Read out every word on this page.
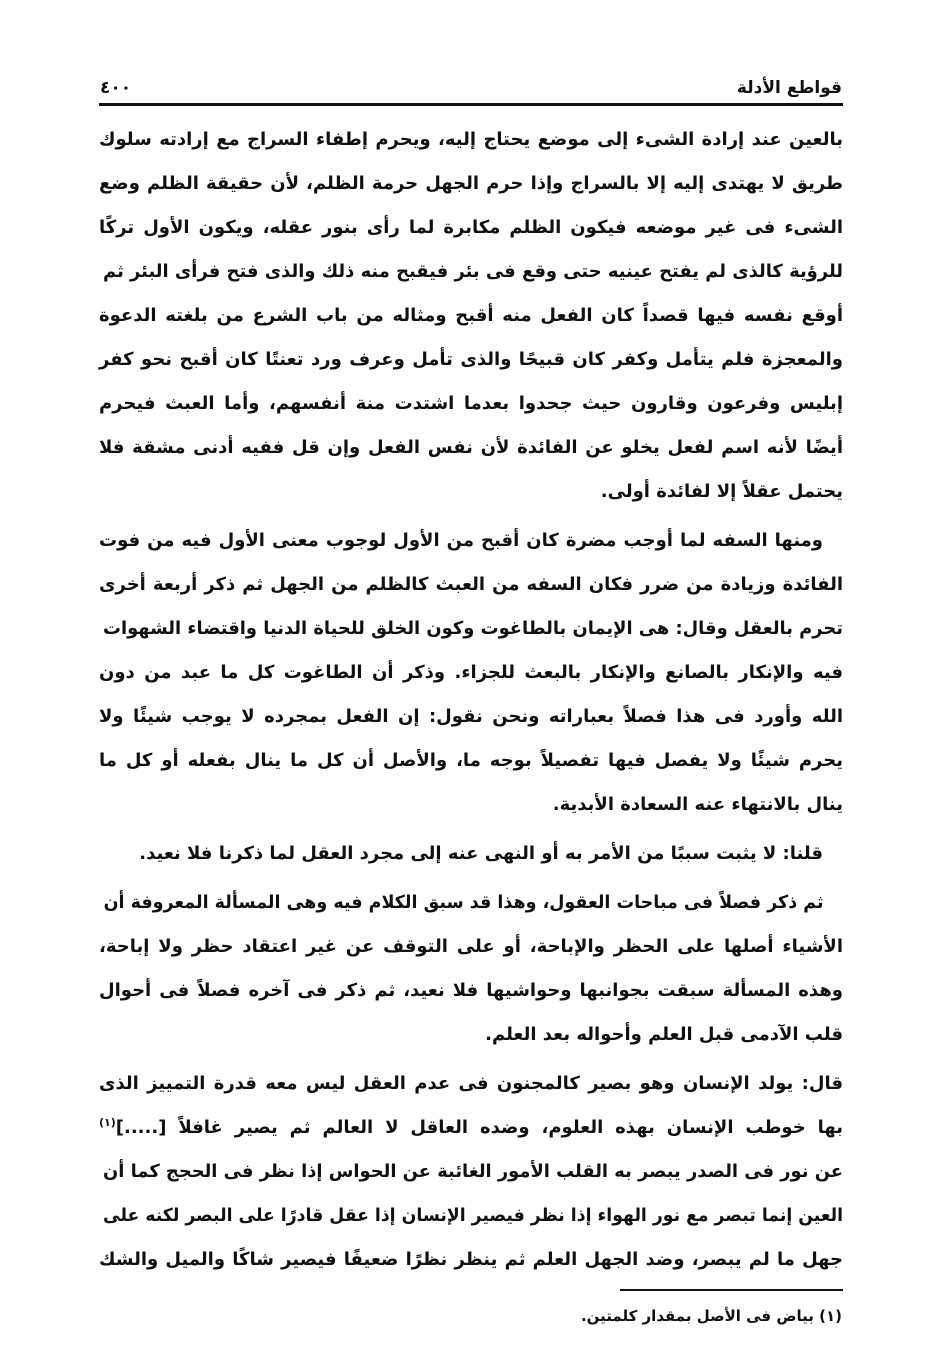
قواطع الأدلة
٤٠٠
بالعين عند إرادة الشىء إلى موضع يحتاج إليه، ويحرم إطفاء السراج مع إرادته سلوك
طريق لا يهتدى إليه إلا بالسراج وإذا حرم الجهل حرمة الظلم، لأن حقيقة الظلم وضع
الشىء فى غير موضعه فيكون الظلم مكابرة لما رأى بنور عقله، ويكون الأول تركًا
للرؤية كالذى لم يفتح عينيه حتى وقع فى بئر فيقبح منه ذلك والذى فتح فرأى البئر ثم
أوقع نفسه فيها قصداً كان الفعل منه أقبح ومثاله من باب الشرع من بلغته الدعوة
والمعجزة فلم يتأمل وكفر كان قبيحًا والذى تأمل وعرف ورد تعنتًا كان أقبح نحو كفر
إبليس وفرعون وقارون حيث جحدوا بعدما اشتدت منة أنفسهم، وأما العبث فيحرم
أيضًا لأنه اسم لفعل يخلو عن الفائدة لأن نفس الفعل وإن قل ففيه أدنى مشقة فلا
يحتمل عقلاً إلا لفائدة أولى.
ومنها السفه لما أوجب مضرة كان أقبح من الأول لوجوب معنى الأول فيه من فوت
الفائدة وزيادة من ضرر فكان السفه من العبث كالظلم من الجهل ثم ذكر أربعة أخرى
تحرم بالعقل وقال: هى الإيمان بالطاغوت وكون الخلق للحياة الدنيا واقتضاء الشهوات
فيه والإنكار بالصانع والإنكار بالبعث للجزاء. وذكر أن الطاغوت كل ما عبد من دون
الله وأورد فى هذا فصلاً بعباراته ونحن نقول: إن الفعل بمجرده لا يوجب شيئًا ولا
يحرم شيئًا ولا يفصل فيها تفصيلاً بوجه ما، والأصل أن كل ما ينال بفعله أو كل ما
ينال بالانتهاء عنه السعادة الأبدية.
قلنا: لا يثبت سببًا من الأمر به أو النهى عنه إلى مجرد العقل لما ذكرنا فلا نعيد.
ثم ذكر فصلاً فى مباحات العقول، وهذا قد سبق الكلام فيه وهى المسألة المعروفة أن
الأشياء أصلها على الحظر والإباحة، أو على التوقف عن غير اعتقاد حظر ولا إباحة،
وهذه المسألة سبقت بجوانبها وحواشيها فلا نعيد، ثم ذكر فى آخره فصلاً فى أحوال
قلب الآدمى قبل العلم وأحواله بعد العلم.
قال: يولد الإنسان وهو بصير كالمجنون فى عدم العقل ليس معه قدرة التمييز الذى
بها خوطب الإنسان بهذه العلوم، وضده العاقل لا العالم ثم يصير غافلاً [.....]$^{(١)}$
عن نور فى الصدر يبصر به القلب الأمور الغائبة عن الحواس إذا نظر فى الحجج كما أن
العين إنما تبصر مع نور الهواء إذا نظر فيصير الإنسان إذا عقل قادرًا على البصر لكنه على
جهل ما لم يبصر، وضد الجهل العلم ثم ينظر نظرًا ضعيفًا فيصير شاكًا والميل والشك
(١) بياض فى الأصل بمقدار كلمتين.
